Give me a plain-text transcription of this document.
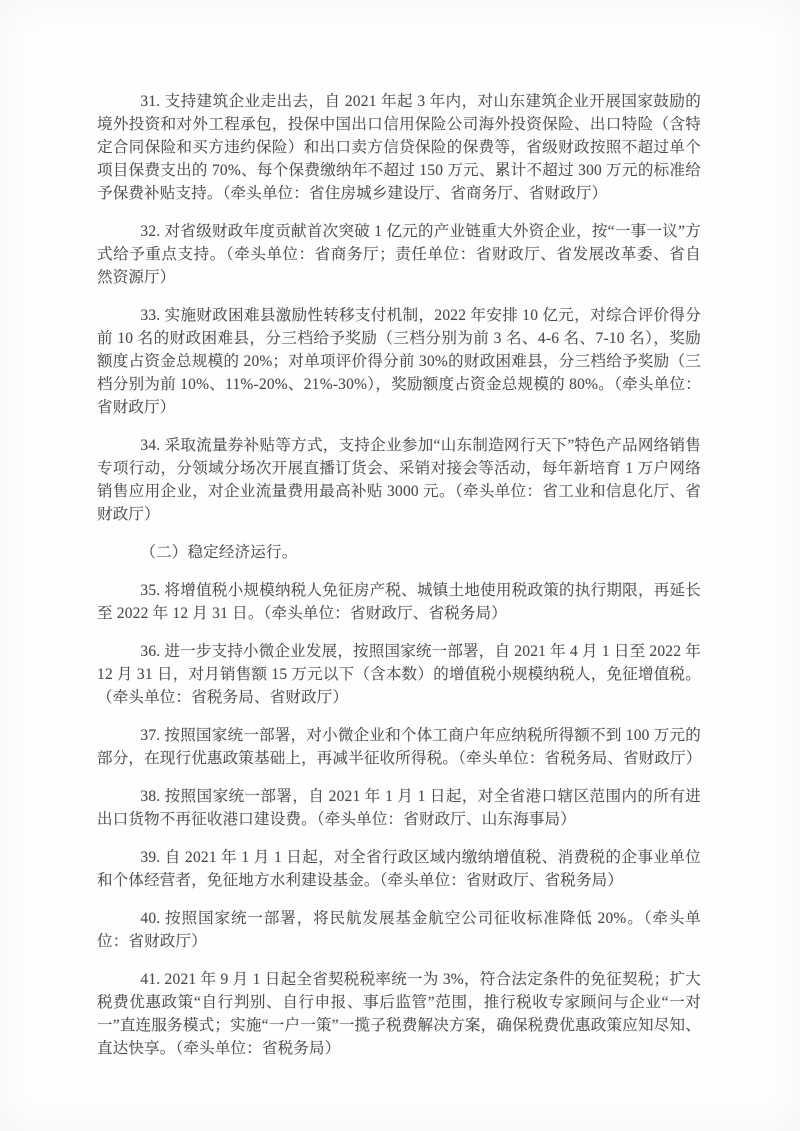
31. 支持建筑企业走出去，自 2021 年起 3 年内，对山东建筑企业开展国家鼓励的境外投资和对外工程承包，投保中国出口信用保险公司海外投资保险、出口特险（含特定合同保险和买方违约保险）和出口卖方信贷保险的保费等，省级财政按照不超过单个项目保费支出的 70%、每个保费缴纳年不超过 150 万元、累计不超过 300 万元的标准给予保费补贴支持。（牵头单位：省住房城乡建设厅、省商务厅、省财政厅）

32. 对省级财政年度贡献首次突破 1 亿元的产业链重大外资企业，按“一事一议”方式给予重点支持。（牵头单位：省商务厅；责任单位：省财政厅、省发展改革委、省自然资源厅）

33. 实施财政困难县激励性转移支付机制，2022 年安排 10 亿元，对综合评价得分前 10 名的财政困难县，分三档给予奖励（三档分别为前 3 名、4-6 名、7-10 名），奖励额度占资金总规模的 20%；对单项评价得分前 30%的财政困难县，分三档给予奖励（三档分别为前 10%、11%-20%、21%-30%），奖励额度占资金总规模的 80%。（牵头单位：省财政厅）

34. 采取流量券补贴等方式，支持企业参加“山东制造网行天下”特色产品网络销售专项行动，分领域分场次开展直播订货会、采销对接会等活动，每年新培育 1 万户网络销售应用企业，对企业流量费用最高补贴 3000 元。（牵头单位：省工业和信息化厅、省财政厅）

（二）稳定经济运行。

35. 将增值税小规模纳税人免征房产税、城镇土地使用税政策的执行期限，再延长至 2022 年 12 月 31 日。（牵头单位：省财政厅、省税务局）

36. 进一步支持小微企业发展，按照国家统一部署，自 2021 年 4 月 1 日至 2022 年 12 月 31 日，对月销售额 15 万元以下（含本数）的增值税小规模纳税人，免征增值税。（牵头单位：省税务局、省财政厅）

37. 按照国家统一部署，对小微企业和个体工商户年应纳税所得额不到 100 万元的部分，在现行优惠政策基础上，再减半征收所得税。（牵头单位：省税务局、省财政厅）

38. 按照国家统一部署，自 2021 年 1 月 1 日起，对全省港口辖区范围内的所有进出口货物不再征收港口建设费。（牵头单位：省财政厅、山东海事局）

39. 自 2021 年 1 月 1 日起，对全省行政区域内缴纳增值税、消费税的企事业单位和个体经营者，免征地方水利建设基金。（牵头单位：省财政厅、省税务局）

40. 按照国家统一部署，将民航发展基金航空公司征收标准降低 20%。（牵头单位：省财政厅）

41. 2021 年 9 月 1 日起全省契税税率统一为 3%，符合法定条件的免征契税；扩大税费优惠政策“自行判别、自行申报、事后监管”范围，推行税收专家顾问与企业“一对一”直连服务模式；实施“一户一策”一揽子税费解决方案，确保税费优惠政策应知尽知、直达快享。（牵头单位：省税务局）
